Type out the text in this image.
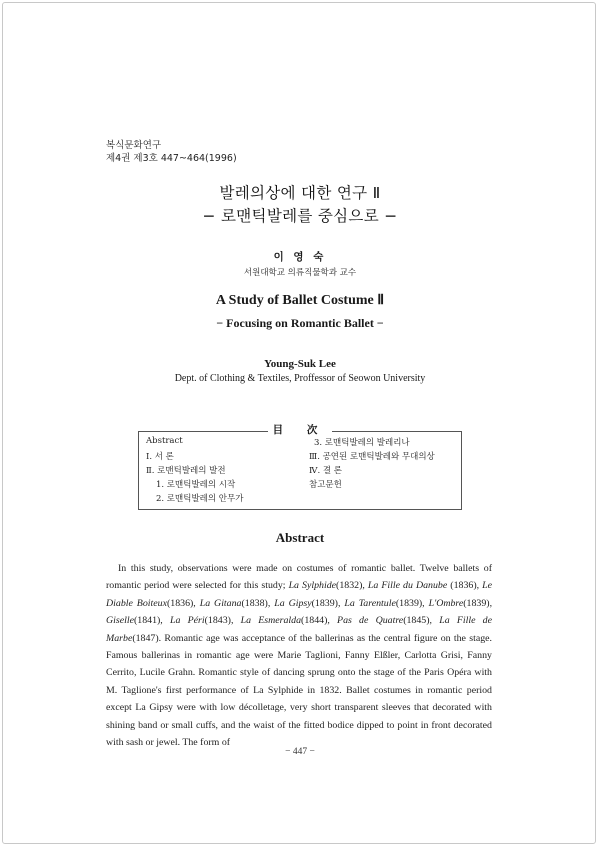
복식문화연구
제4권 제3호 447~464(1996)
발레의상에 대한 연구 Ⅱ
− 로맨틱발레를 중심으로 −
이 영 숙
서원대학교 의류직물학과 교수
A Study of Ballet Costume Ⅱ
− Focusing on Romantic Ballet −
Young-Suk Lee
Dept. of Clothing & Textiles, Proffessor of Seowon University
目 次
Abstract
Ⅰ. 서 론
Ⅱ. 로맨틱발레의 발전
1. 로맨틱발레의 시작
2. 로맨틱발레의 안무가
3. 로맨틱발레의 발레리나
Ⅲ. 공연된 로맨틱발레와 무대의상
Ⅳ. 결 론
참고문헌
Abstract

In this study, observations were made on costumes of romantic ballet. Twelve ballets of romantic period were selected for this study; La Sylphide(1832), La Fille du Danube (1836), Le Diable Boiteux(1836), La Gitana(1838), La Gipsy(1839), La Tarentule(1839), L'Ombre(1839), Giselle(1841), La Péri(1843), La Esmeralda(1844), Pas de Quatre(1845), La Fille de Marbe(1847). Romantic age was acceptance of the ballerinas as the central figure on the stage. Famous ballerinas in romantic age were Marie Taglioni, Fanny Elßler, Carlotta Grisi, Fanny Cerrito, Lucile Grahn. Romantic style of dancing sprung onto the stage of the Paris Opéra with M. Taglione's first performance of La Sylphide in 1832. Ballet costumes in romantic period except La Gipsy were with low décolletage, very short transparent sleeves that decorated with shining band or small cuffs, and the waist of the fitted bodice dipped to point in front decorated with sash or jewel. The form of

− 447 −
